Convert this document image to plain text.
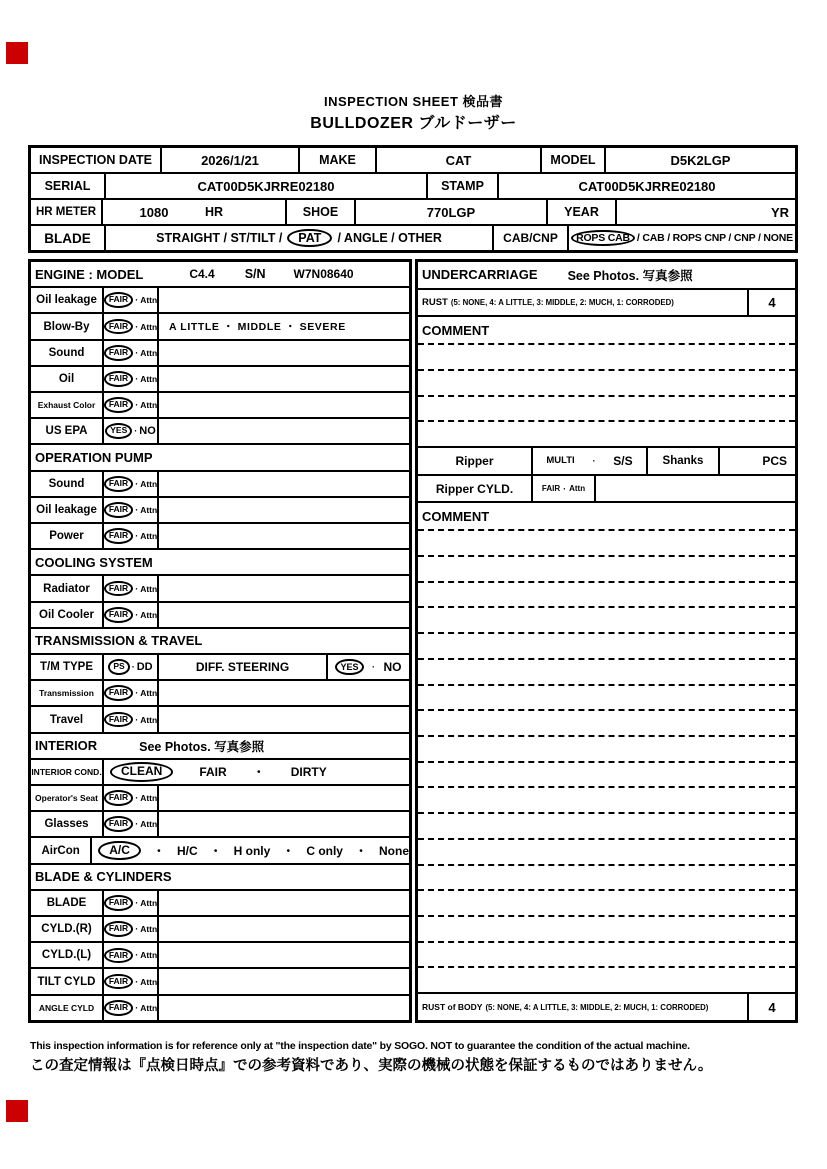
INSPECTION SHEET 検品書
BULLDOZER ブルドーザー
INSPECTION DATE	2026/1/21	MAKE	CAT	MODEL	D5K2LGP
SERIAL	CAT00D5KJRRE02180	STAMP	CAT00D5KJRRE02180
HR METER	1080	HR	SHOE	770LGP	YEAR	YR
BLADE	STRAIGHT / ST/TILT /	PAT	/ ANGLE / OTHER	CAB/CNP	ROPS CAB / CAB / ROPS CNP / CNP / NONE
ENGINE : MODEL	C4.4 S/N W7N08640
Oil leakage	FAIR · Attn
Blow-By	FAIR · Attn	A LITTLE ・ MIDDLE ・ SEVERE
Sound	FAIR · Attn
Oil	FAIR · Attn
Exhaust Color	FAIR · Attn
US EPA	YES · NO
OPERATION PUMP
Sound	FAIR · Attn
Oil leakage	FAIR · Attn
Power	FAIR · Attn
COOLING SYSTEM
Radiator	FAIR · Attn
Oil Cooler	FAIR · Attn
TRANSMISSION & TRAVEL
T/M TYPE	PS · DD	DIFF. STEERING	YES	· NO
Transmission	FAIR · Attn
Travel	FAIR · Attn
INTERIOR	See Photos. 写真参照
INTERIOR COND.	CLEAN	FAIR ・ DIRTY
Operator's Seat	FAIR · Attn
Glasses	FAIR · Attn
AirCon	A/C	・ H/C ・ H only ・ C only ・ None
BLADE & CYLINDERS
BLADE	FAIR · Attn
CYLD.(R)	FAIR · Attn
CYLD.(L)	FAIR · Attn
TILT CYLD	FAIR · Attn
ANGLE CYLD	FAIR · Attn
UNDERCARRIAGE See Photos. 写真参照
RUST (5: NONE, 4: A LITTLE, 3: MIDDLE, 2: MUCH, 1: CORRODED)	4
COMMENT
Ripper	MULTI · S/S	Shanks	PCS
Ripper CYLD.	FAIR · Attn
COMMENT
RUST of BODY (5: NONE, 4: A LITTLE, 3: MIDDLE, 2: MUCH, 1: CORRODED)	4
This inspection information is for reference only at "the inspection date" by SOGO. NOT to guarantee the condition of the actual machine.
この査定情報は『点検日時点』での参考資料であり、実際の機械の状態を保証するものではありません。
